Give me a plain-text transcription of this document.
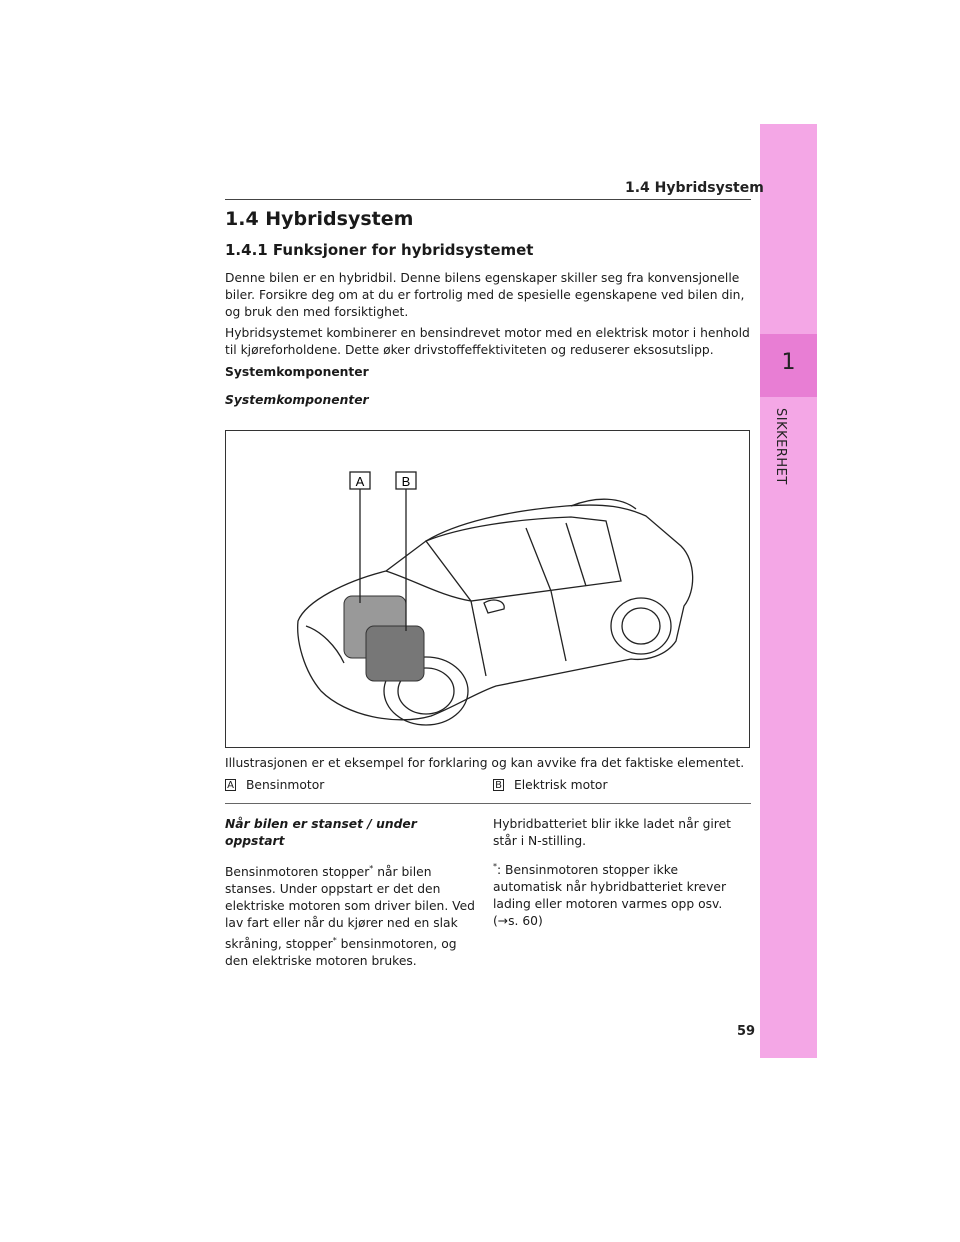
1
SIKKERHET
1.4 Hybridsystem
1.4 Hybridsystem
1.4.1 Funksjoner for hybridsystemet
Denne bilen er en hybridbil. Denne bilens egenskaper skiller seg fra konvensjonelle biler. Forsikre deg om at du er fortrolig med de spesielle egenskapene ved bilen din, og bruk den med forsiktighet.
Hybridsystemet kombinerer en bensindrevet motor med en elektrisk motor i henhold til kjøreforholdene. Dette øker drivstoffeffektiviteten og reduserer eksosutslipp.
Systemkomponenter
Systemkomponenter
A	B
Illustrasjonen er et eksempel for forklaring og kan avvike fra det faktiske elementet.
A Bensinmotor	B Elektrisk motor
Når bilen er stanset / under oppstart

Bensinmotoren stopper* når bilen stanses. Under oppstart er det den elektriske motoren som driver bilen. Ved lav fart eller når du kjører ned en slak skråning, stopper* bensinmotoren, og den elektriske motoren brukes.

Hybridbatteriet blir ikke ladet når giret står i N-stilling.

*: Bensinmotoren stopper ikke automatisk når hybridbatteriet krever lading eller motoren varmes opp osv.
(→s. 60)

59
